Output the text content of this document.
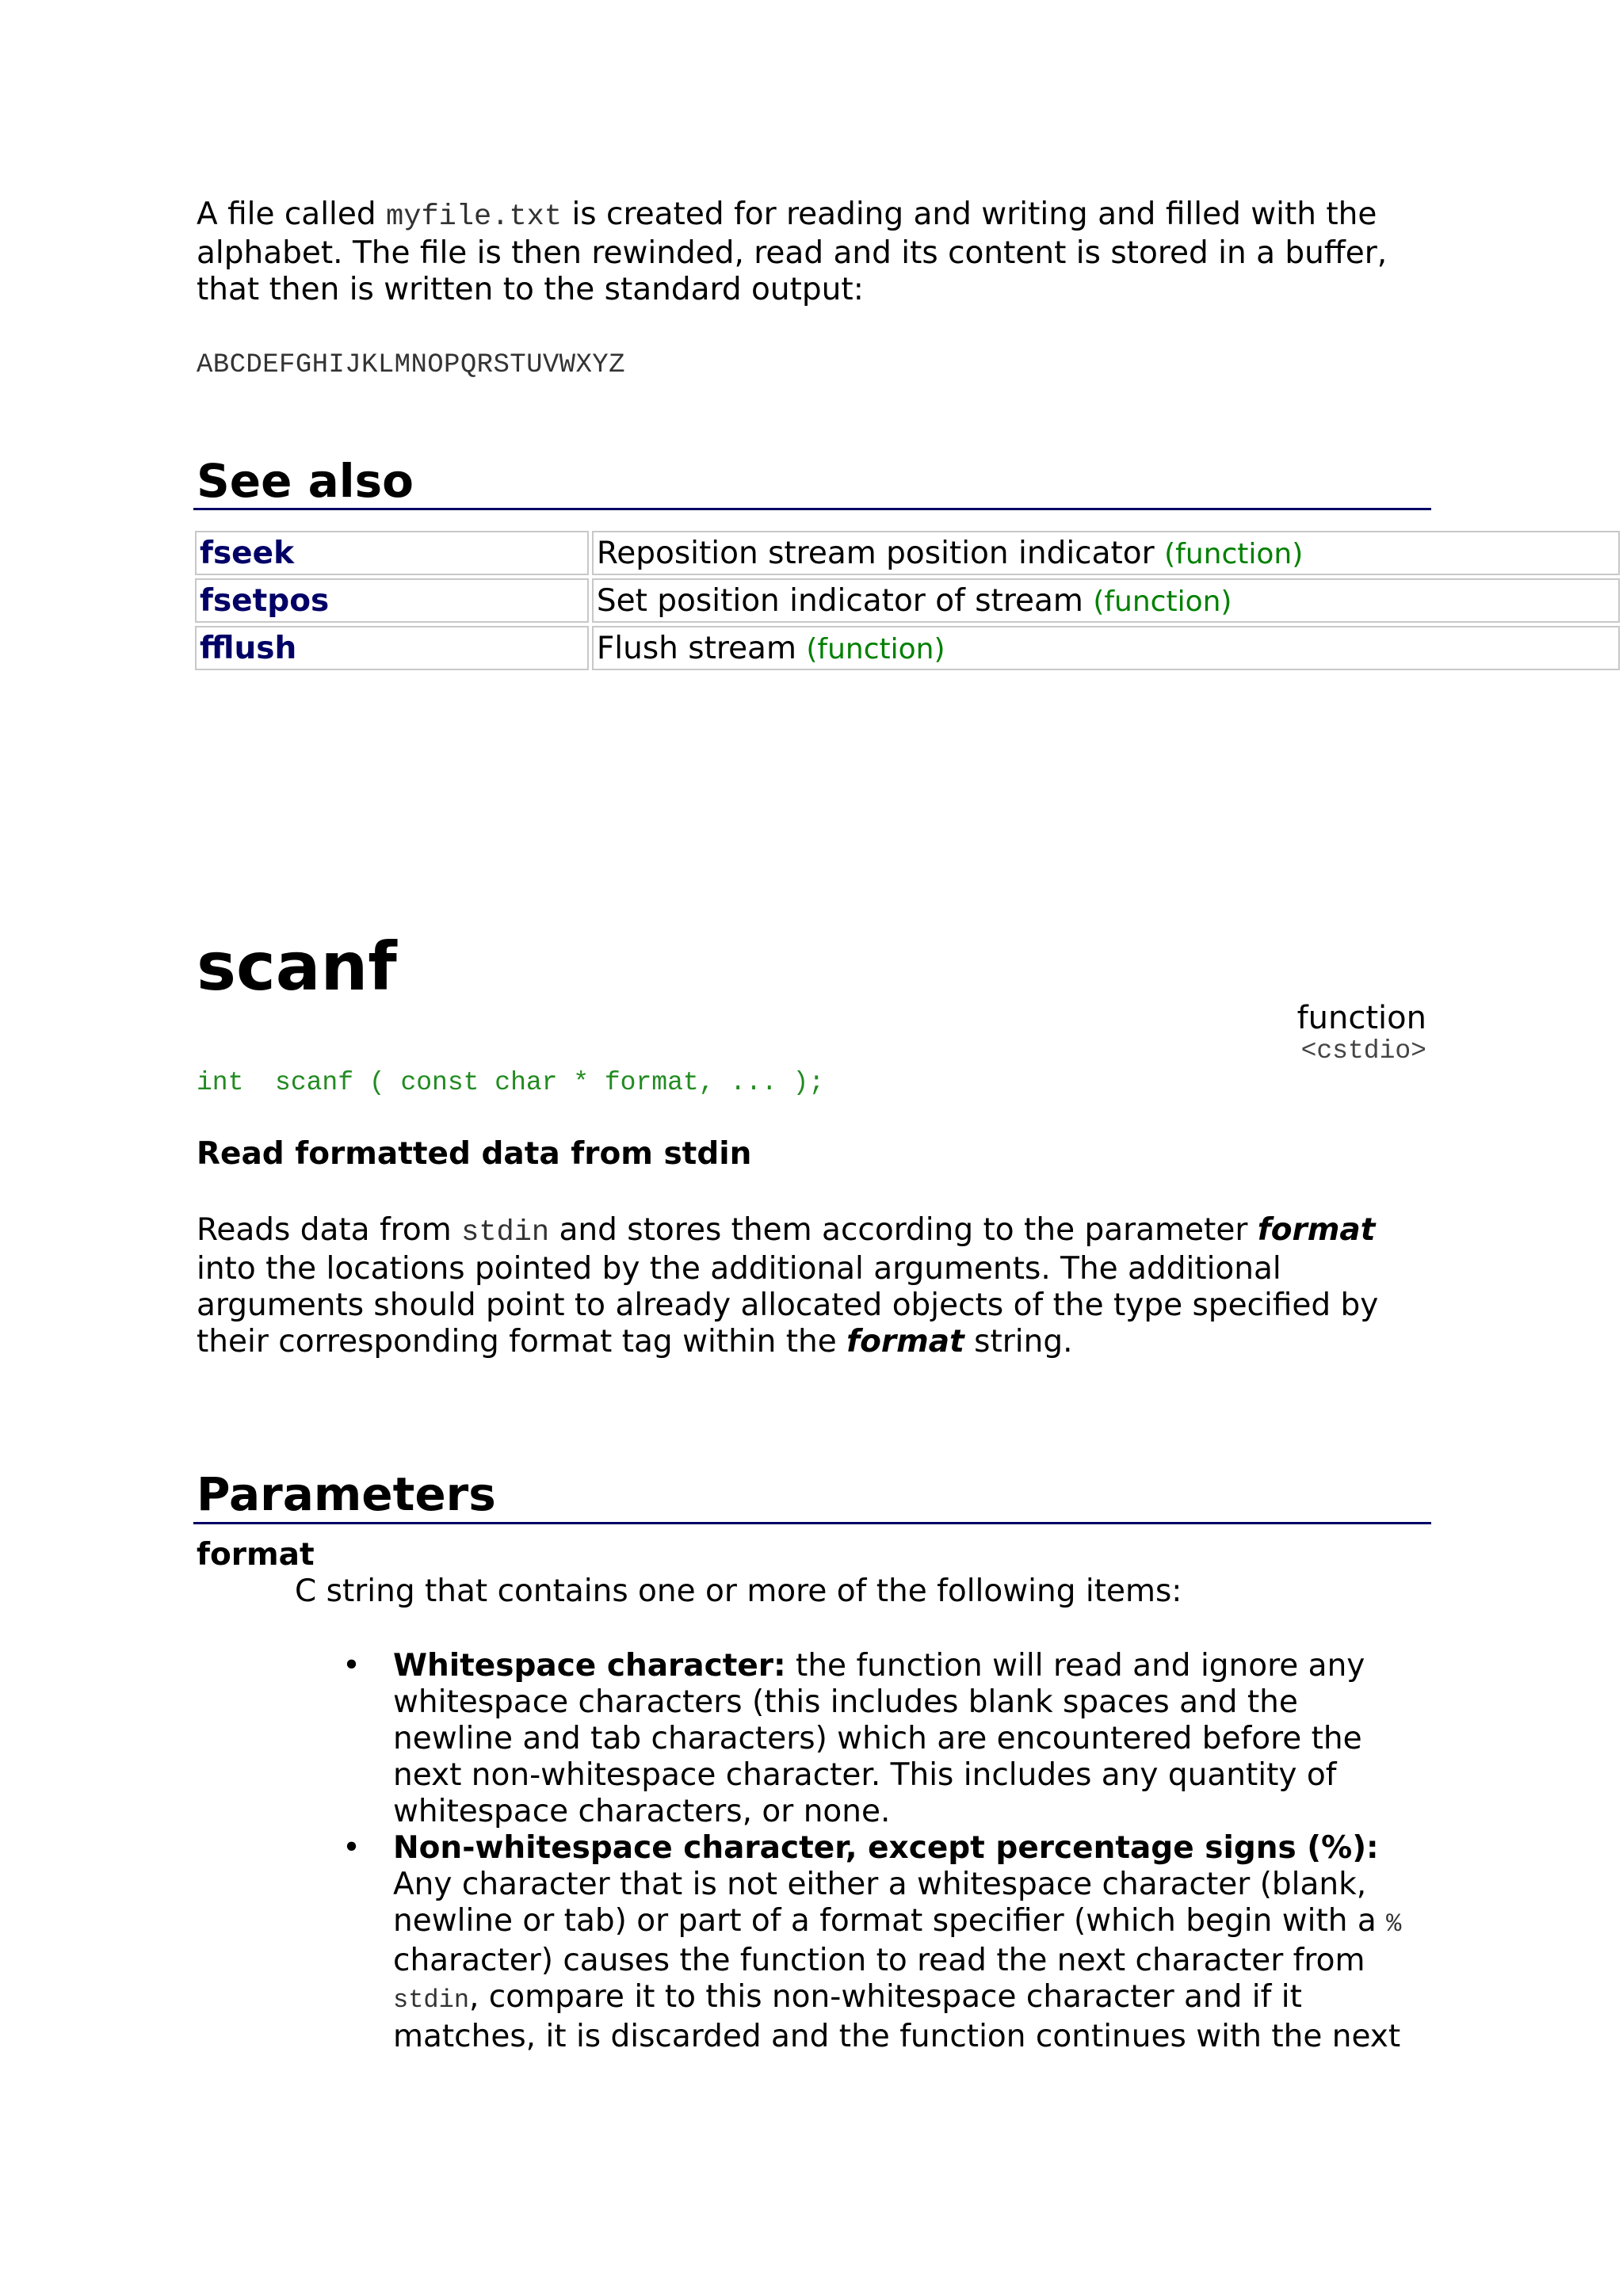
A file called myfile.txt is created for reading and writing and filled with the alphabet. The file is then rewinded, read and its content is stored in a buffer, that then is written to the standard output:

ABCDEFGHIJKLMNOPQRSTUVWXYZ
See also
fseek	Reposition stream position indicator (function)
fsetpos	Set position indicator of stream (function)
fflush	Flush stream (function)
scanf
function
<cstdio>
int  scanf ( const char * format, ... );
Read formatted data from stdin

Reads data from stdin and stores them according to the parameter format into the locations pointed by the additional arguments. The additional arguments should point to already allocated objects of the type specified by their corresponding format tag within the format string.

Parameters
format
C string that contains one or more of the following items:
• Whitespace character: the function will read and ignore any whitespace characters (this includes blank spaces and the newline and tab characters) which are encountered before the next non-whitespace character. This includes any quantity of whitespace characters, or none.
• Non-whitespace character, except percentage signs (%): Any character that is not either a whitespace character (blank, newline or tab) or part of a format specifier (which begin with a % character) causes the function to read the next character from stdin, compare it to this non-whitespace character and if it matches, it is discarded and the function continues with the next
